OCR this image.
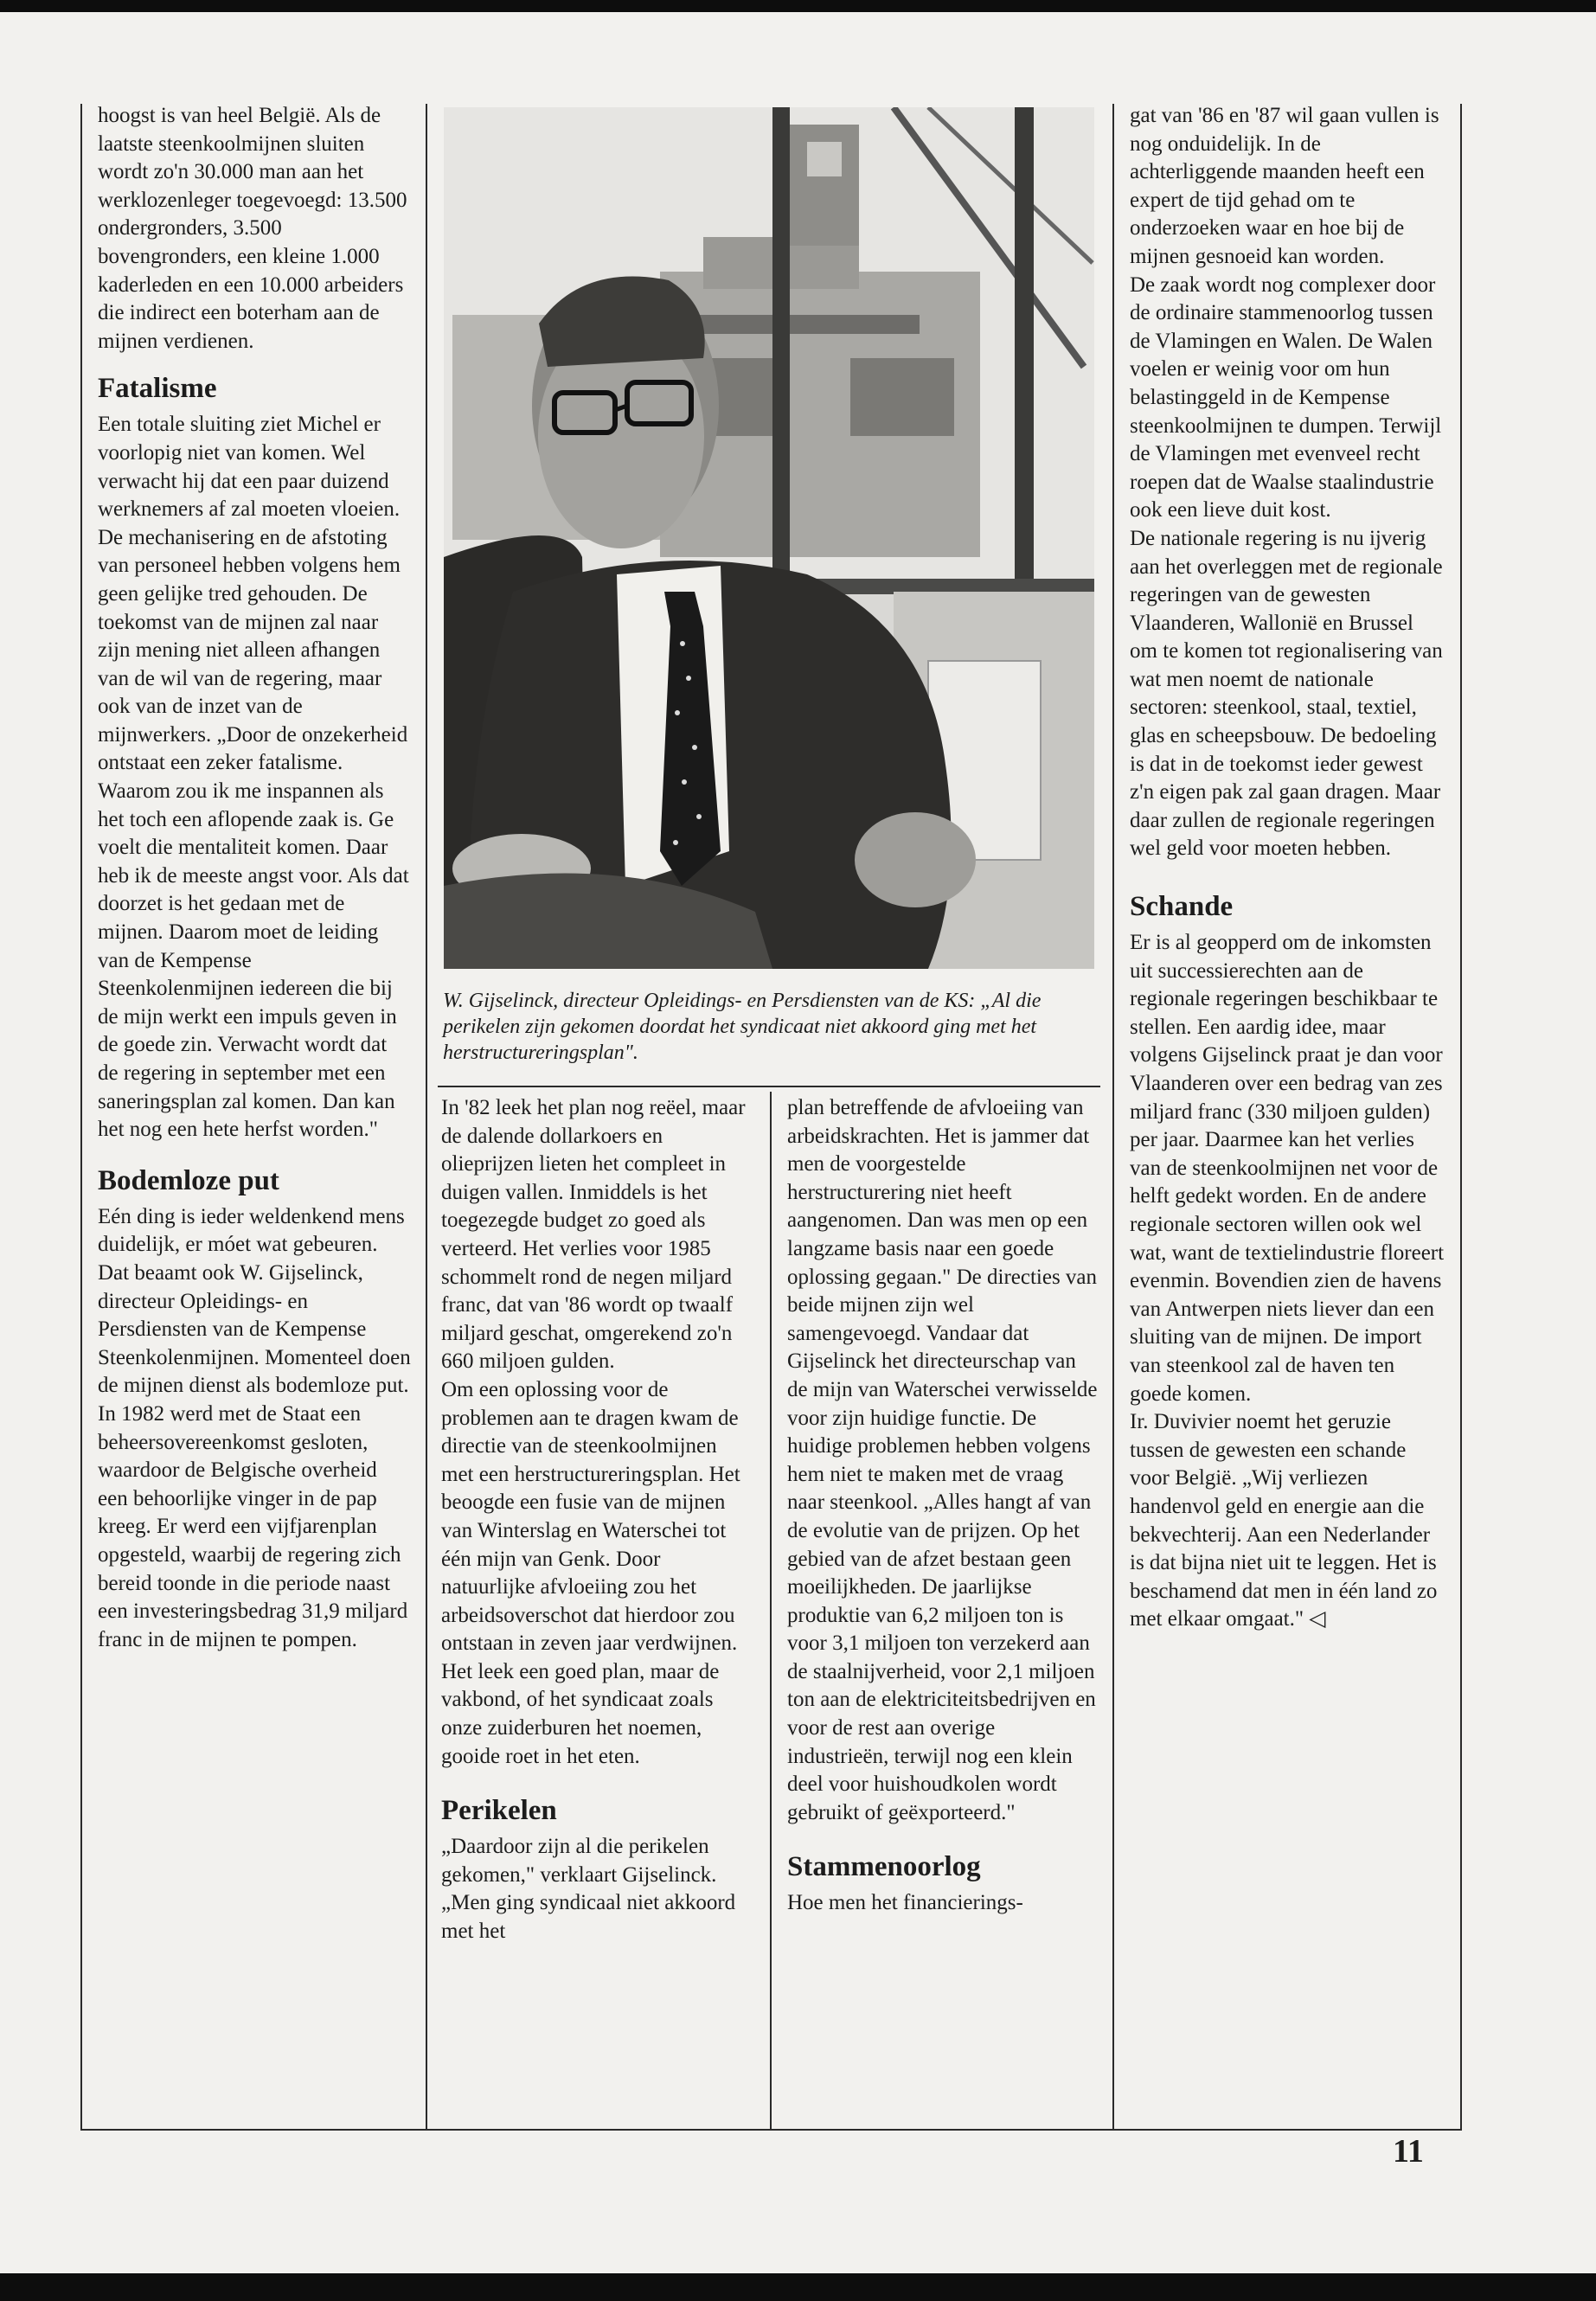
hoogst is van heel België. Als de laatste steenkoolmijnen sluiten wordt zo'n 30.000 man aan het werklozenleger toegevoegd: 13.500 ondergronders, 3.500 bovengronders, een kleine 1.000 kaderleden en een 10.000 arbeiders die indirect een boterham aan de mijnen verdienen.

Fatalisme

Een totale sluiting ziet Michel er voorlopig niet van komen. Wel verwacht hij dat een paar duizend werknemers af zal moeten vloeien. De mechanisering en de afstoting van personeel hebben volgens hem geen gelijke tred gehouden. De toekomst van de mijnen zal naar zijn mening niet alleen afhangen van de wil van de regering, maar ook van de inzet van de mijnwerkers. „Door de onzekerheid ontstaat een zeker fatalisme. Waarom zou ik me inspannen als het toch een aflopende zaak is. Ge voelt die mentaliteit komen. Daar heb ik de meeste angst voor. Als dat doorzet is het gedaan met de mijnen. Daarom moet de leiding van de Kempense Steenkolenmijnen iedereen die bij de mijn werkt een impuls geven in de goede zin. Verwacht wordt dat de regering in september met een saneringsplan zal komen. Dan kan het nog een hete herfst worden."

Bodemloze put

Eén ding is ieder weldenkend mens duidelijk, er móet wat gebeuren. Dat beaamt ook W. Gijselinck, directeur Opleidings- en Persdiensten van de Kempense Steenkolenmijnen. Momenteel doen de mijnen dienst als bodemloze put. In 1982 werd met de Staat een beheersovereenkomst gesloten, waardoor de Belgische overheid een behoorlijke vinger in de pap kreeg. Er werd een vijfjarenplan opgesteld, waarbij de regering zich bereid toonde in die periode naast een investeringsbedrag 31,9 miljard franc in de mijnen te pompen.

W. Gijselinck, directeur Opleidings- en Persdiensten van de KS: „Al die perikelen zijn gekomen doordat het syndicaat niet akkoord ging met het herstructureringsplan".

In '82 leek het plan nog reëel, maar de dalende dollarkoers en olieprijzen lieten het compleet in duigen vallen. Inmiddels is het toegezegde budget zo goed als verteerd. Het verlies voor 1985 schommelt rond de negen miljard franc, dat van '86 wordt op twaalf miljard geschat, omgerekend zo'n 660 miljoen gulden.

Om een oplossing voor de problemen aan te dragen kwam de directie van de steenkoolmijnen met een herstructureringsplan. Het beoogde een fusie van de mijnen van Winterslag en Waterschei tot één mijn van Genk. Door natuurlijke afvloeiing zou het arbeidsoverschot dat hierdoor zou ontstaan in zeven jaar verdwijnen. Het leek een goed plan, maar de vakbond, of het syndicaat zoals onze zuiderburen het noemen, gooide roet in het eten.

Perikelen

„Daardoor zijn al die perikelen gekomen," verklaart Gijselinck. „Men ging syndicaal niet akkoord met het

plan betreffende de afvloeiing van arbeidskrachten. Het is jammer dat men de voorgestelde herstructurering niet heeft aangenomen. Dan was men op een langzame basis naar een goede oplossing gegaan." De directies van beide mijnen zijn wel samengevoegd. Vandaar dat Gijselinck het directeurschap van de mijn van Waterschei verwisselde voor zijn huidige functie. De huidige problemen hebben volgens hem niet te maken met de vraag naar steenkool. „Alles hangt af van de evolutie van de prijzen. Op het gebied van de afzet bestaan geen moeilijkheden. De jaarlijkse produktie van 6,2 miljoen ton is voor 3,1 miljoen ton verzekerd aan de staalnijverheid, voor 2,1 miljoen ton aan de elektriciteitsbedrijven en voor de rest aan overige industrieën, terwijl nog een klein deel voor huishoudkolen wordt gebruikt of geëxporteerd."

Stammenoorlog

Hoe men het financierings-

gat van '86 en '87 wil gaan vullen is nog onduidelijk. In de achterliggende maanden heeft een expert de tijd gehad om te onderzoeken waar en hoe bij de mijnen gesnoeid kan worden.

De zaak wordt nog complexer door de ordinaire stammenoorlog tussen de Vlamingen en Walen. De Walen voelen er weinig voor om hun belastinggeld in de Kempense steenkoolmijnen te dumpen. Terwijl de Vlamingen met evenveel recht roepen dat de Waalse staalindustrie ook een lieve duit kost.

De nationale regering is nu ijverig aan het overleggen met de regionale regeringen van de gewesten Vlaanderen, Wallonië en Brussel om te komen tot regionalisering van wat men noemt de nationale sectoren: steenkool, staal, textiel, glas en scheepsbouw. De bedoeling is dat in de toekomst ieder gewest z'n eigen pak zal gaan dragen. Maar daar zullen de regionale regeringen wel geld voor moeten hebben.

Schande

Er is al geopperd om de inkomsten uit successierechten aan de regionale regeringen beschikbaar te stellen. Een aardig idee, maar volgens Gijselinck praat je dan voor Vlaanderen over een bedrag van zes miljard franc (330 miljoen gulden) per jaar. Daarmee kan het verlies van de steenkoolmijnen net voor de helft gedekt worden. En de andere regionale sectoren willen ook wel wat, want de textielindustrie floreert evenmin. Bovendien zien de havens van Antwerpen niets liever dan een sluiting van de mijnen. De import van steenkool zal de haven ten goede komen.

Ir. Duvivier noemt het geruzie tussen de gewesten een schande voor België. „Wij verliezen handenvol geld en energie aan die bekvechterij. Aan een Nederlander is dat bijna niet uit te leggen. Het is beschamend dat men in één land zo met elkaar omgaat." ◁

11
